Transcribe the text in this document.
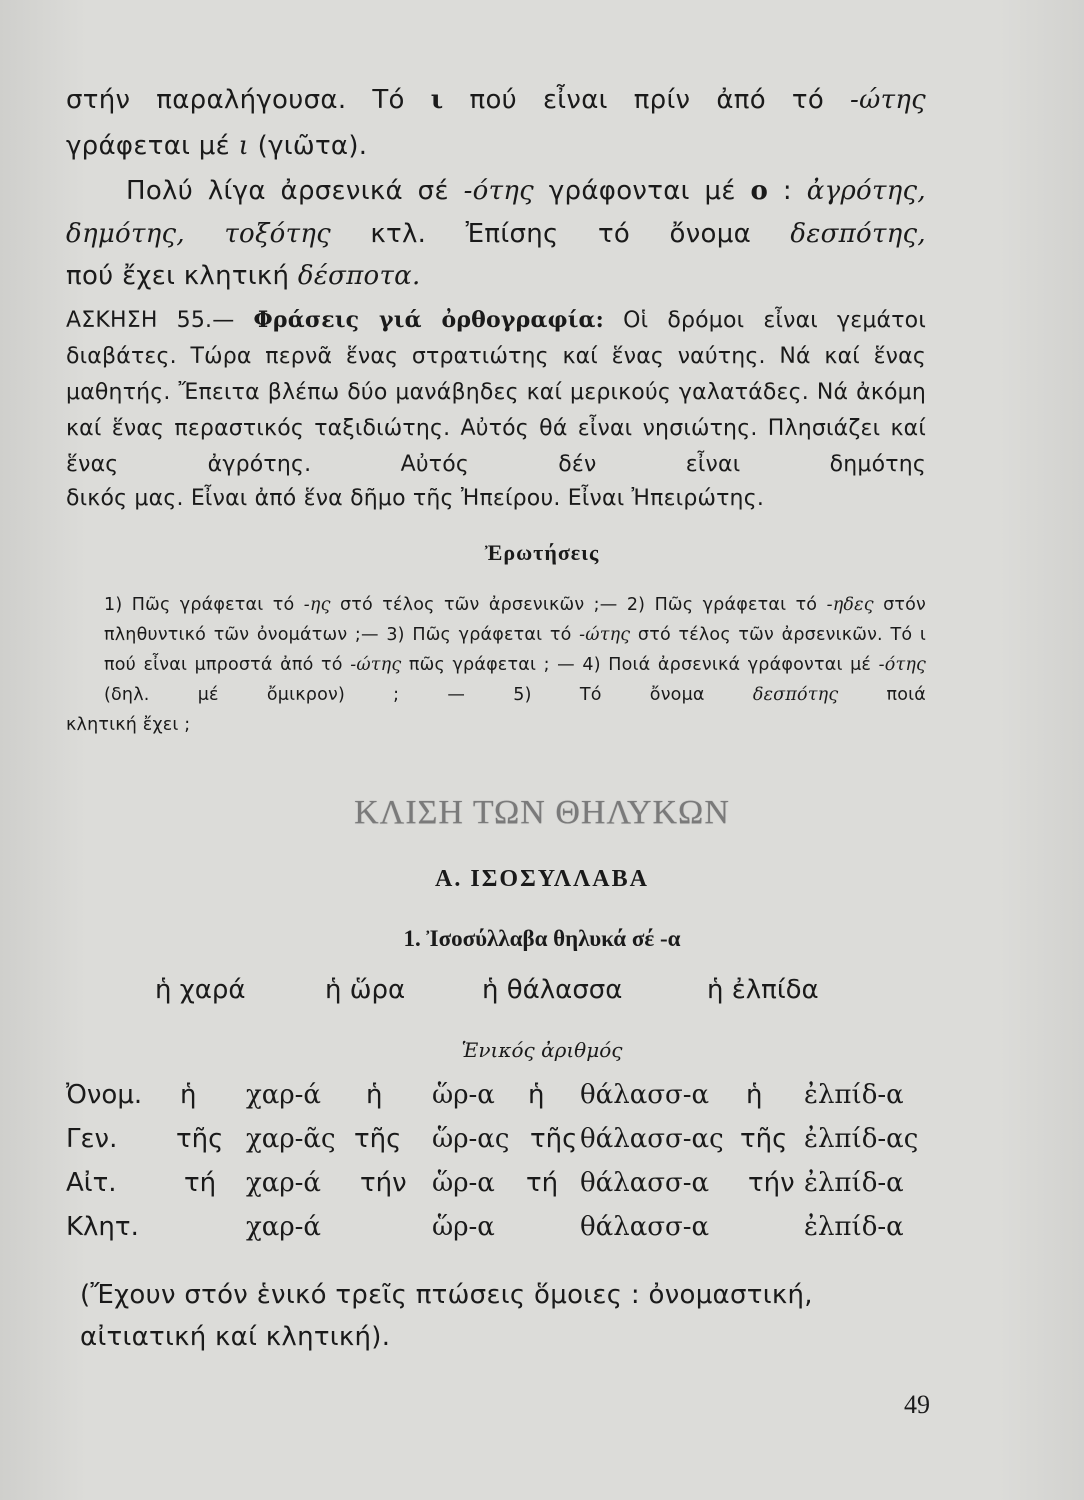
στήν παραλήγουσα. Τό ι πού εἶναι πρίν ἀπό τό -ώτης

γράφεται μέ ι (γιῶτα).

Πολύ λίγα ἀρσενικά σέ -ότης γράφονται μέ ο : ἀγρότης, δημότης, τοξότης κτλ. Ἐπίσης τό ὄνομα δεσπότης,

πού ἔχει κλητική δέσποτα.

ΑΣΚΗΣΗ 55.— Φράσεις γιά ὀρθογραφία: Οἱ δρόμοι εἶναι γεμάτοι διαβάτες. Τώρα περνᾶ ἕνας στρατιώτης καί ἕνας ναύτης. Νά καί ἕνας μαθητής. Ἔπειτα βλέπω δύο μανάβηδες καί μερικούς γαλατάδες. Νά ἀκόμη καί ἕνας περαστικός ταξιδιώτης. Αὐτός θά εἶναι νησιώτης. Πλησιάζει καί ἕνας ἀγρότης. Αὐτός δέν εἶναι δημότης

δικός μας. Εἶναι ἀπό ἕνα δῆμο τῆς Ἠπείρου. Εἶναι Ἠπειρώτης.

Ἐρωτήσεις

1) Πῶς γράφεται τό -ης στό τέλος τῶν ἀρσενικῶν ;— 2) Πῶς γράφεται τό -ηδες στόν πληθυντικό τῶν ὀνομάτων ;— 3) Πῶς γράφεται τό -ώτης στό τέλος τῶν ἀρσενικῶν. Τό ι πού εἶναι μπροστά ἀπό τό -ώτης πῶς γράφεται ; — 4) Ποιά ἀρσενικά γράφονται μέ -ότης (δηλ. μέ ὄμικρον) ; — 5) Τό ὄνομα	δεσπότης	ποιά

κλητική ἔχει ;

ΚΛΙΣΗ ΤΩΝ ΘΗΛΥΚΩΝ
Α. ΙΣΟΣΥΛΛΑΒΑ
1. Ἰσοσύλλαβα θηλυκά σέ -α
ἡ χαρά	ἡ ὥρα	ἡ θάλασσα	ἡ ἐλπίδα
Ἑνικός ἀριθμός
Ὀνομ. ἡ χαρ-ά ἡ ὥρ-α ἡ θάλασσ-α ἡ ἐλπίδ-α
Γεν. τῆς χαρ-ᾶς τῆς ὥρ-ας τῆς θάλασσ-ας τῆς ἐλπίδ-ας
Αἰτ.	τή χαρ-ά τήν ὥρ-α τή θάλασσ-α τήν ἐλπίδ-α
Κλητ.	χαρ-ά	ὥρ-α	θάλασσ-α	ἐλπίδ-α

(Ἔχουν στόν ἑνικό τρεῖς πτώσεις ὅμοιες : ὀνομαστική,

αἰτιατική καί κλητική).

49
